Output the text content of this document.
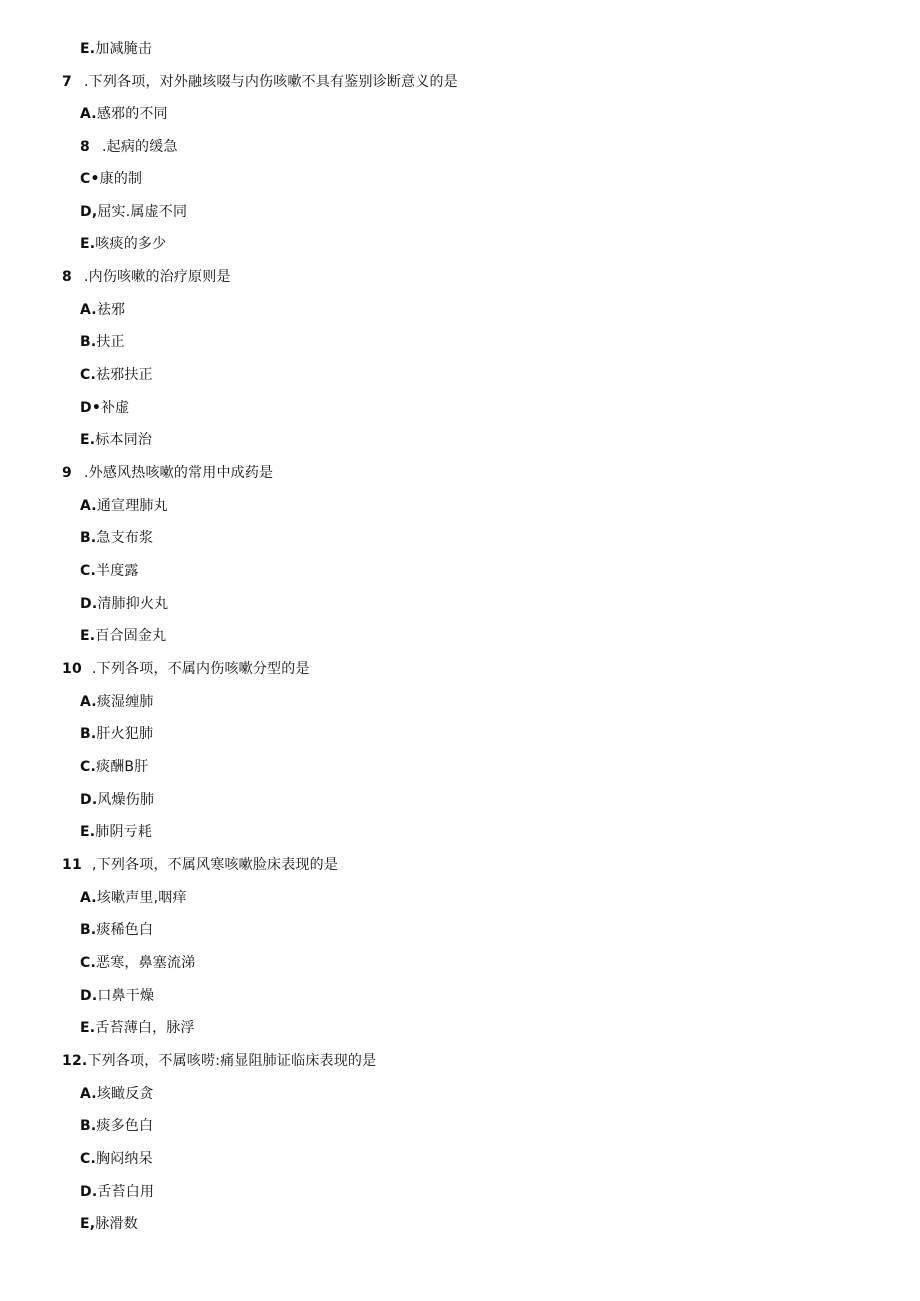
E.加减腌击
7 .下列各项，对外融垓啜与内伤咳嗽不具有鉴别诊断意义的是
A.感邪的不同
8 .起病的缓急
C•康的制
D,屈实.属虚不同
E.咳痰的多少
8 .内伤咳嗽的治疗原则是
A.祛邪
B.扶正
C.祛邪扶正
D•补虚
E.标本同治
9 .外感风热咳嗽的常用中成药是
A.通宣理肺丸
B.急支布浆
C.半度露
D.清肺抑火丸
E.百合固金丸
10 .下列各项，不属内伤咳嗽分型的是
A.痰湿缠肺
B.肝火犯肺
C.痰酬B肝
D.风燥伤肺
E.肺阴亏耗
11 ,下列各项，不属风寒咳嗽脸床表现的是
A.垓嗽声里,咽痒
B.痰稀色白
C.恶寒，鼻塞流涕
D.口鼻干燥
E.舌苔薄白，脉浮
12.下列各项，不属咳唠:痛显阻肺证临床表现的是
A.垓瞰反贪
B.痰多色白
C.胸闷纳呆
D.舌苔白用
E,脉滑数
